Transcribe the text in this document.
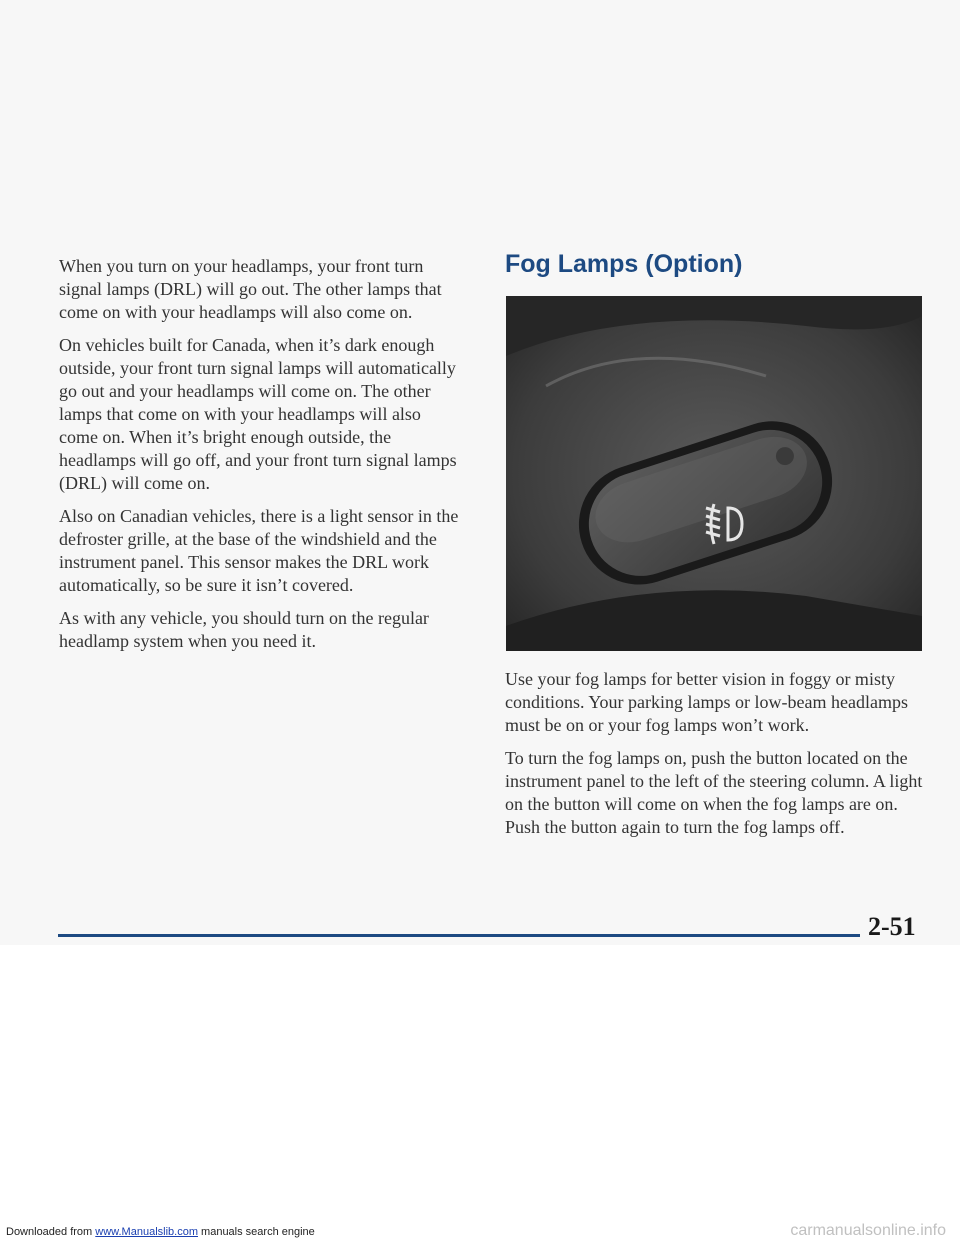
When you turn on your headlamps, your front turn signal lamps (DRL) will go out. The other lamps that come on with your headlamps will also come on.

On vehicles built for Canada, when it’s dark enough outside, your front turn signal lamps will automatically go out and your headlamps will come on. The other lamps that come on with your headlamps will also come on. When it’s bright enough outside, the headlamps will go off, and your front turn signal lamps (DRL) will come on.

Also on Canadian vehicles, there is a light sensor in the defroster grille, at the base of the windshield and the instrument panel. This sensor makes the DRL work automatically, so be sure it isn’t covered.

As with any vehicle, you should turn on the regular headlamp system when you need it.

Fog Lamps (Option)

Use your fog lamps for better vision in foggy or misty conditions. Your parking lamps or low-beam headlamps must be on or your fog lamps won’t work.

To turn the fog lamps on, push the button located on the instrument panel to the left of the steering column. A light on the button will come on when the fog lamps are on. Push the button again to turn the fog lamps off.

2-51
Downloaded from www.Manualslib.com manuals search engine	carmanualsonline.info
